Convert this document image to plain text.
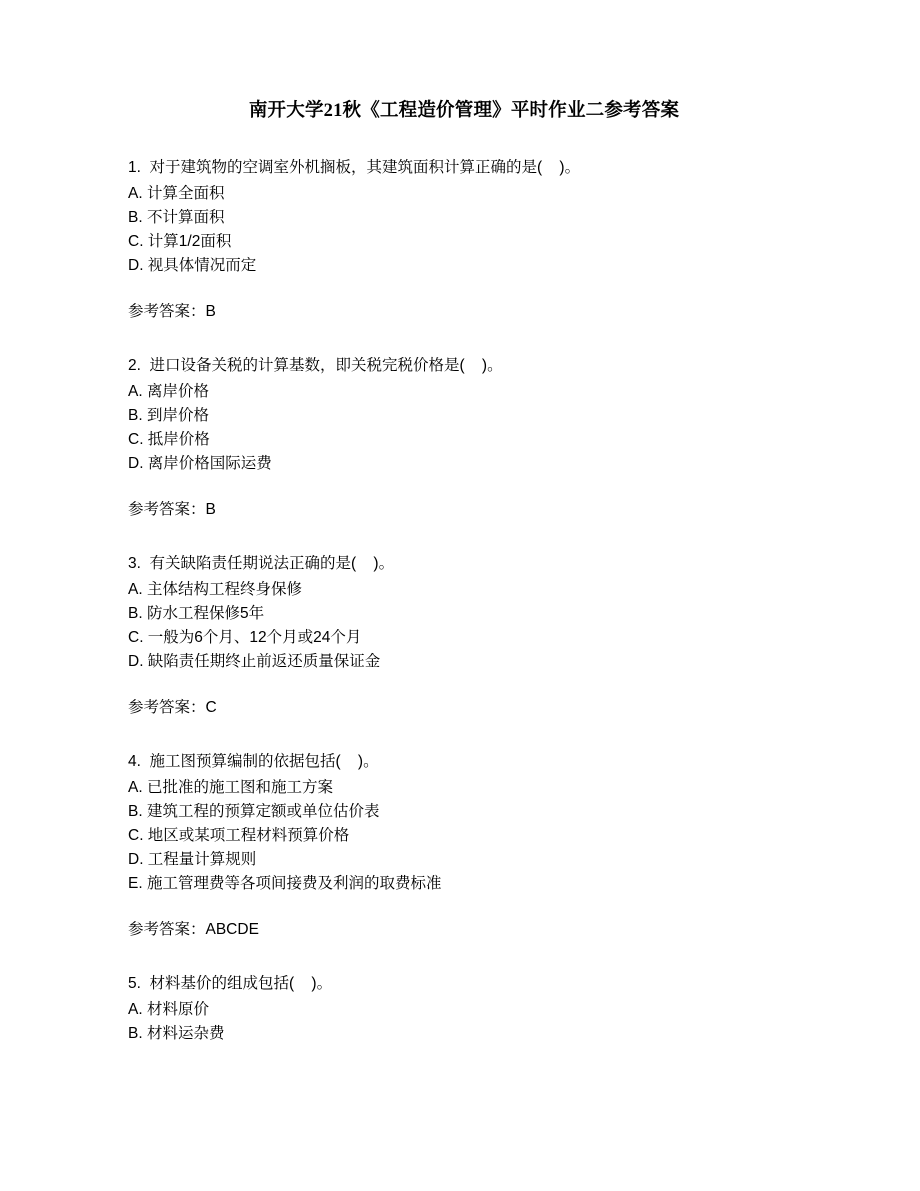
南开大学21秋《工程造价管理》平时作业二参考答案

1.  对于建筑物的空调室外机搁板，其建筑面积计算正确的是(    )。

A. 计算全面积

B. 不计算面积

C. 计算1/2面积

D. 视具体情况而定

参考答案：B

2.  进口设备关税的计算基数，即关税完税价格是(    )。

A. 离岸价格

B. 到岸价格

C. 抵岸价格

D. 离岸价格国际运费

参考答案：B

3.  有关缺陷责任期说法正确的是(    )。

A. 主体结构工程终身保修

B. 防水工程保修5年

C. 一般为6个月、12个月或24个月

D. 缺陷责任期终止前返还质量保证金

参考答案：C

4.  施工图预算编制的依据包括(    )。

A. 已批准的施工图和施工方案

B. 建筑工程的预算定额或单位估价表

C. 地区或某项工程材料预算价格

D. 工程量计算规则

E. 施工管理费等各项间接费及利润的取费标准

参考答案：ABCDE

5.  材料基价的组成包括(    )。

A. 材料原价

B. 材料运杂费
